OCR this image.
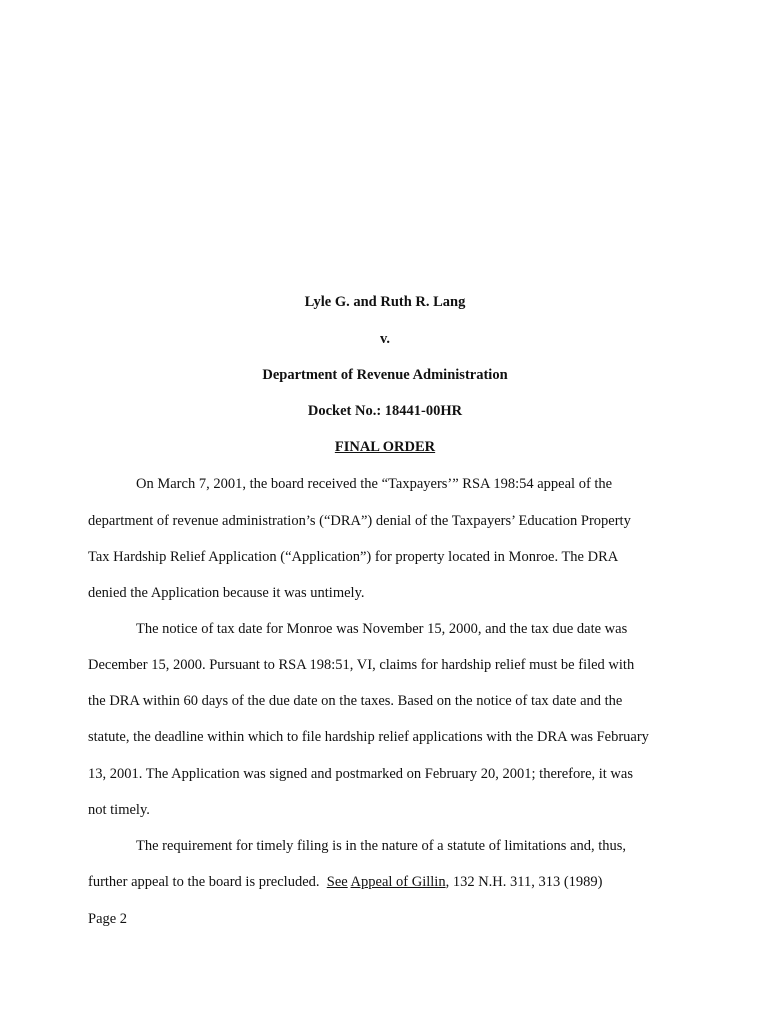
Lyle G. and Ruth R. Lang
v.
Department of Revenue Administration
Docket No.: 18441-00HR
FINAL ORDER
On March 7, 2001, the board received the “Taxpayers’” RSA 198:54 appeal of the
department of revenue administration’s (“DRA”) denial of the Taxpayers’ Education Property
Tax Hardship Relief Application (“Application”) for property located in Monroe. The DRA
denied the Application because it was untimely.
The notice of tax date for Monroe was November 15, 2000, and the tax due date was
December 15, 2000. Pursuant to RSA 198:51, VI, claims for hardship relief must be filed with
the DRA within 60 days of the due date on the taxes. Based on the notice of tax date and the
statute, the deadline within which to file hardship relief applications with the DRA was February
13, 2001. The Application was signed and postmarked on February 20, 2001; therefore, it was
not timely.
The requirement for timely filing is in the nature of a statute of limitations and, thus,
further appeal to the board is precluded.  See Appeal of Gillin, 132 N.H. 311, 313 (1989)
Page 2
